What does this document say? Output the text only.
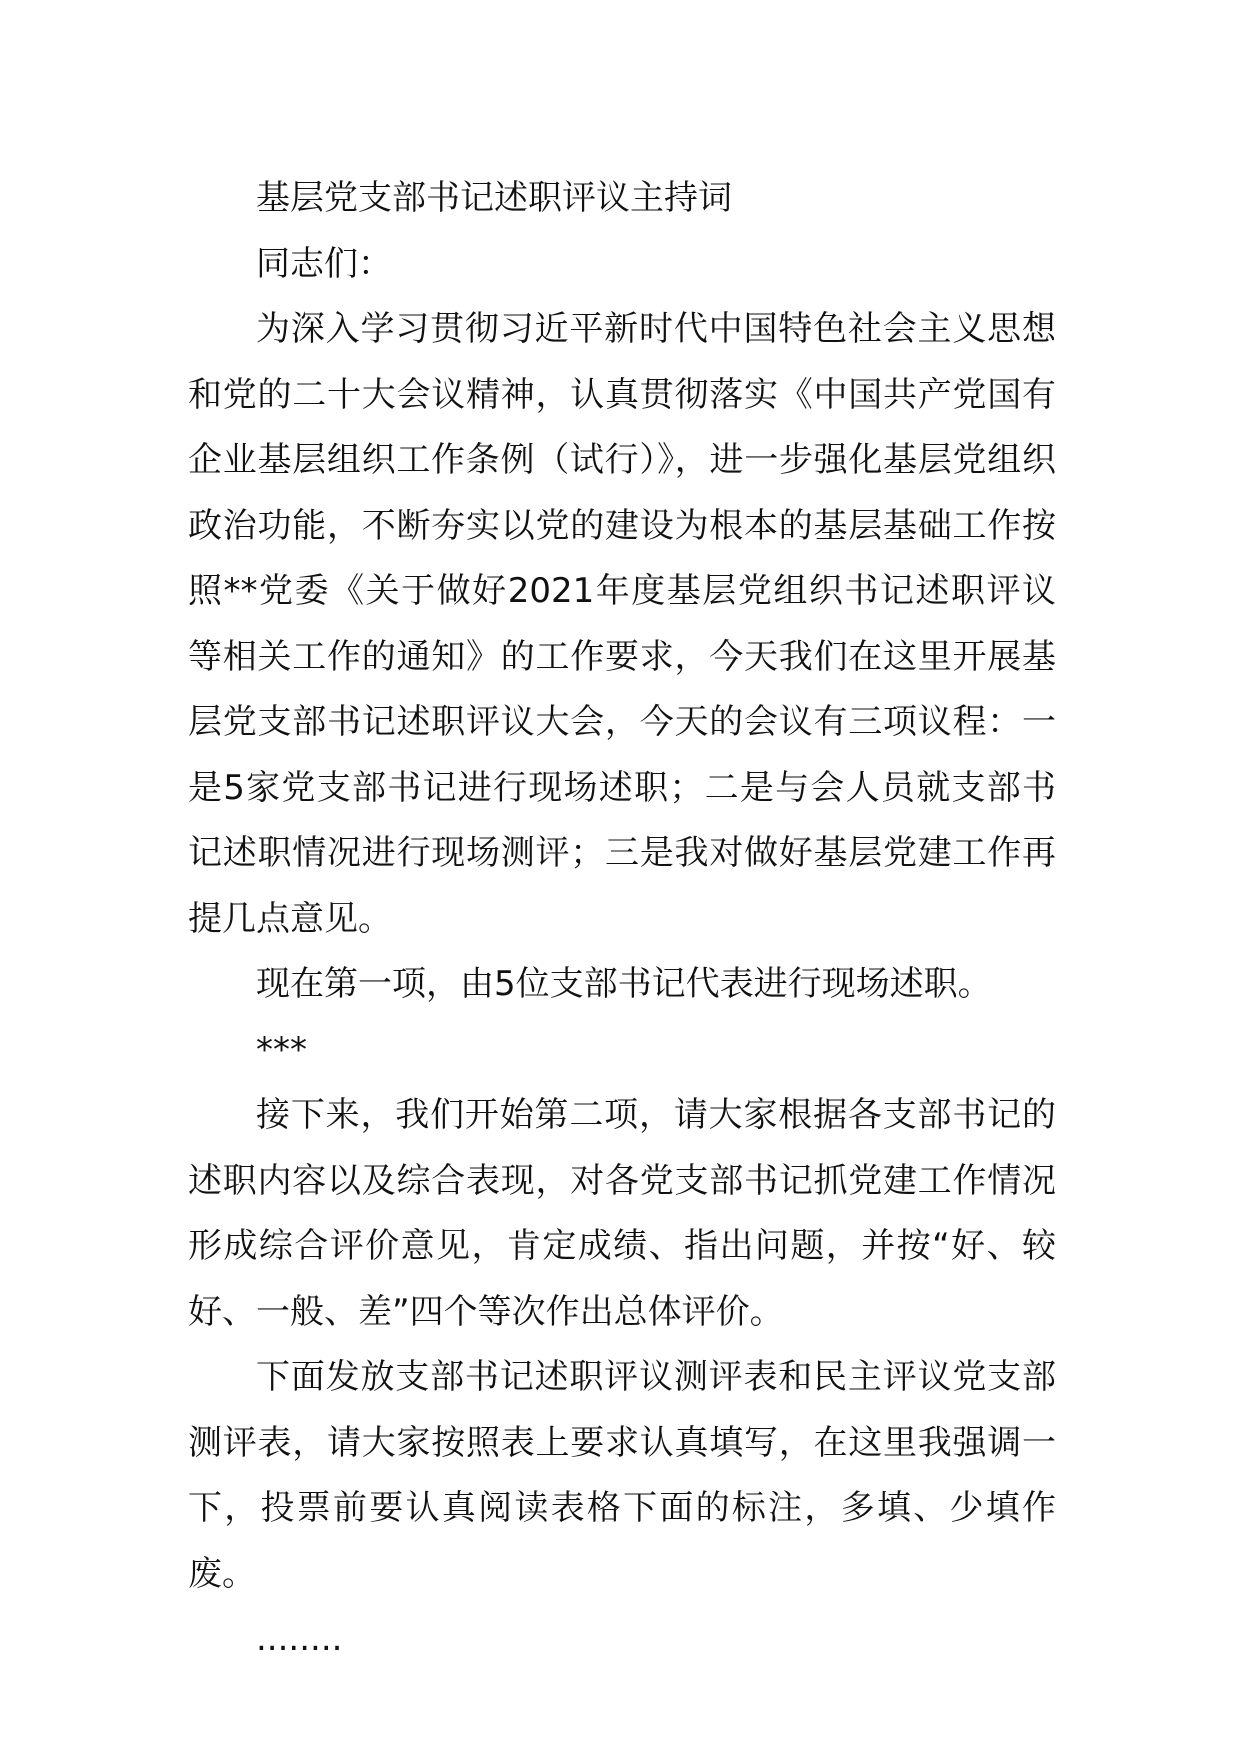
基层党支部书记述职评议主持词

同志们：

为深入学习贯彻习近平新时代中国特色社会主义思想和党的二十大会议精神，认真贯彻落实《中国共产党国有企业基层组织工作条例（试行）》，进一步强化基层党组织政治功能，不断夯实以党的建设为根本的基层基础工作按照**党委《关于做好2021年度基层党组织书记述职评议等相关工作的通知》的工作要求，今天我们在这里开展基层党支部书记述职评议大会，今天的会议有三项议程：一是5家党支部书记进行现场述职；二是与会人员就支部书记述职情况进行现场测评；三是我对做好基层党建工作再提几点意见。

现在第一项，由5位支部书记代表进行现场述职。

***

接下来，我们开始第二项，请大家根据各支部书记的述职内容以及综合表现，对各党支部书记抓党建工作情况形成综合评价意见，肯定成绩、指出问题，并按“好、较好、一般、差”四个等次作出总体评价。

下面发放支部书记述职评议测评表和民主评议党支部测评表，请大家按照表上要求认真填写，在这里我强调一下，投票前要认真阅读表格下面的标注，多填、少填作废。

........
